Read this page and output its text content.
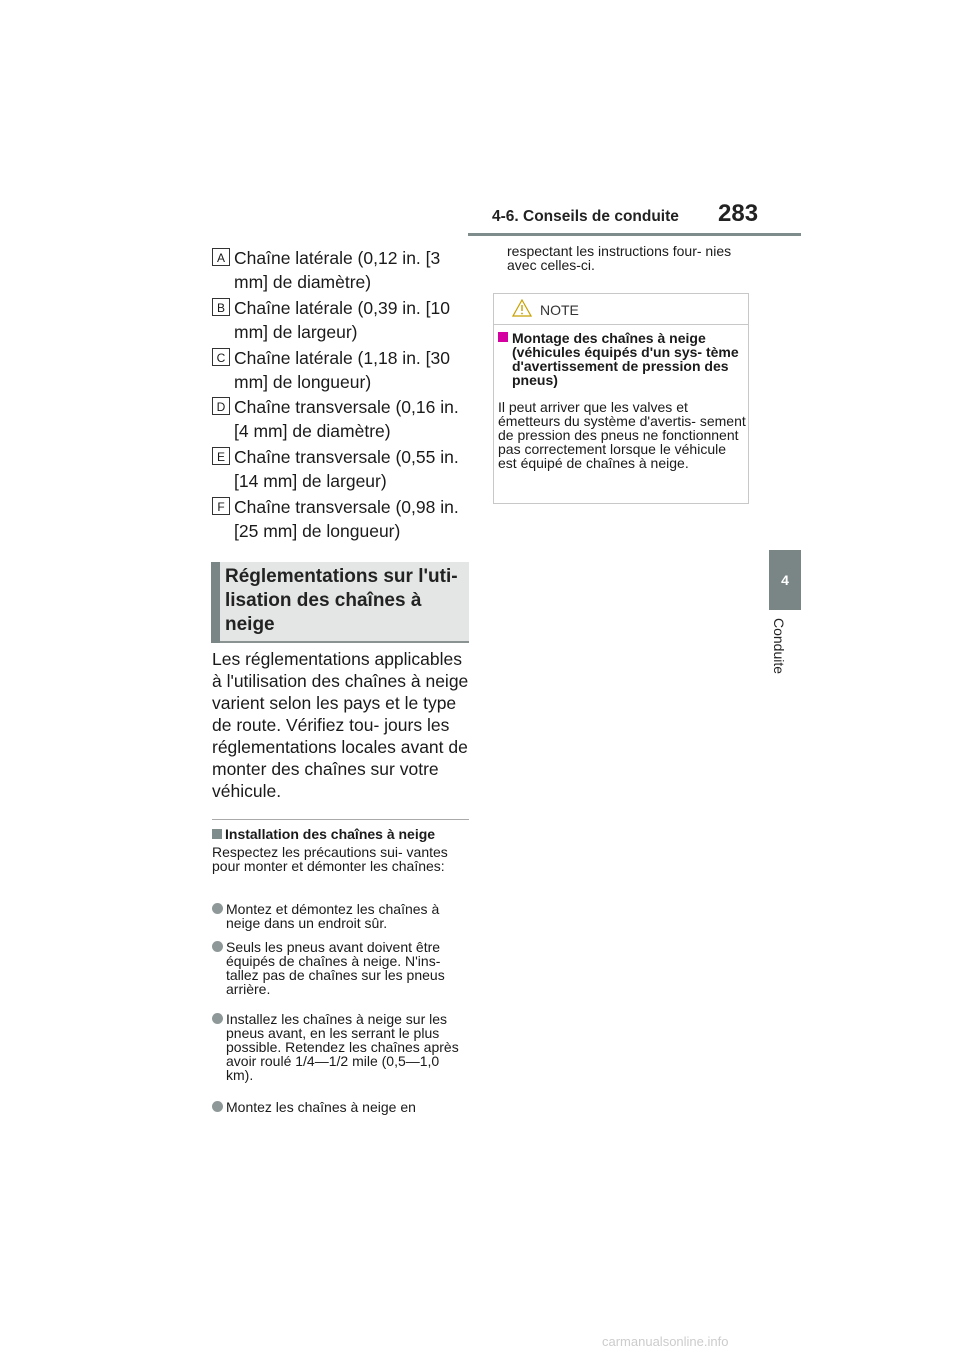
4-6. Conseils de conduite 283
4
Conduite
A Chaîne latérale (0,12 in. [3 mm] de diamètre)
B Chaîne latérale (0,39 in. [10 mm] de largeur)
C Chaîne latérale (1,18 in. [30 mm] de longueur)
D Chaîne transversale (0,16 in. [4 mm] de diamètre)
E Chaîne transversale (0,55 in. [14 mm] de largeur)
F Chaîne transversale (0,98 in. [25 mm] de longueur)
Réglementations sur l'uti- lisation des chaînes à neige
Les réglementations applicables à l'utilisation des chaînes à neige varient selon les pays et le type de route. Vérifiez tou- jours les réglementations locales avant de monter des chaînes sur votre véhicule.
Installation des chaînes à neige
Respectez les précautions sui- vantes pour monter et démonter les chaînes:
Montez et démontez les chaînes à neige dans un endroit sûr.
Seuls les pneus avant doivent être équipés de chaînes à neige. N'ins- tallez pas de chaînes sur les pneus arrière.
Installez les chaînes à neige sur les pneus avant, en les serrant le plus possible. Retendez les chaînes après avoir roulé 1/4—1/2 mile (0,5—1,0 km).
Montez les chaînes à neige en
respectant les instructions four- nies avec celles-ci.
NOTE
Montage des chaînes à neige (véhicules équipés d'un sys- tème d'avertissement de pression des pneus)
Il peut arriver que les valves et émetteurs du système d'avertis- sement de pression des pneus ne fonctionnent pas correctement lorsque le véhicule est équipé de chaînes à neige.
carmanualsonline.info
